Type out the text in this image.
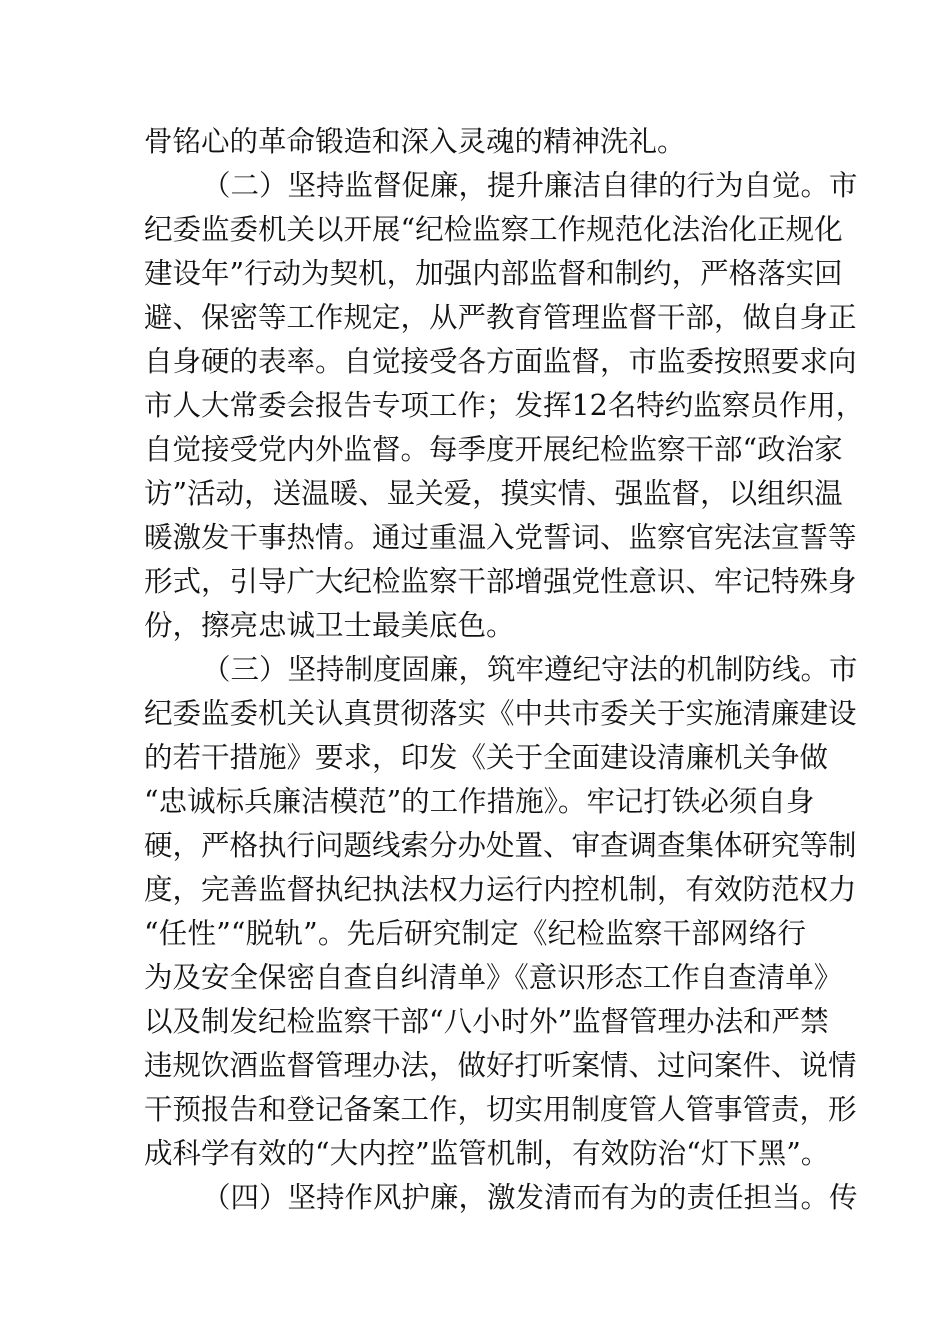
骨铭心的革命锻造和深入灵魂的精神洗礼。
（二）坚持监督促廉，提升廉洁自律的行为自觉。市
纪委监委机关以开展“纪检监察工作规范化法治化正规化
建设年”行动为契机，加强内部监督和制约，严格落实回
避、保密等工作规定，从严教育管理监督干部，做自身正
自身硬的表率。自觉接受各方面监督，市监委按照要求向
市人大常委会报告专项工作；发挥12名特约监察员作用，
自觉接受党内外监督。每季度开展纪检监察干部“政治家
访”活动，送温暖、显关爱，摸实情、强监督，以组织温
暖激发干事热情。通过重温入党誓词、监察官宪法宣誓等
形式，引导广大纪检监察干部增强党性意识、牢记特殊身
份，擦亮忠诚卫士最美底色。
（三）坚持制度固廉，筑牢遵纪守法的机制防线。市
纪委监委机关认真贯彻落实《中共市委关于实施清廉建设
的若干措施》要求，印发《关于全面建设清廉机关争做
“忠诚标兵廉洁模范”的工作措施》。牢记打铁必须自身
硬，严格执行问题线索分办处置、审查调查集体研究等制
度，完善监督执纪执法权力运行内控机制，有效防范权力
“任性”“脱轨”。先后研究制定《纪检监察干部网络行
为及安全保密自查自纠清单》《意识形态工作自查清单》
以及制发纪检监察干部“八小时外”监督管理办法和严禁
违规饮酒监督管理办法，做好打听案情、过问案件、说情
干预报告和登记备案工作，切实用制度管人管事管责，形
成科学有效的“大内控”监管机制，有效防治“灯下黑”。
（四）坚持作风护廉，激发清而有为的责任担当。传
